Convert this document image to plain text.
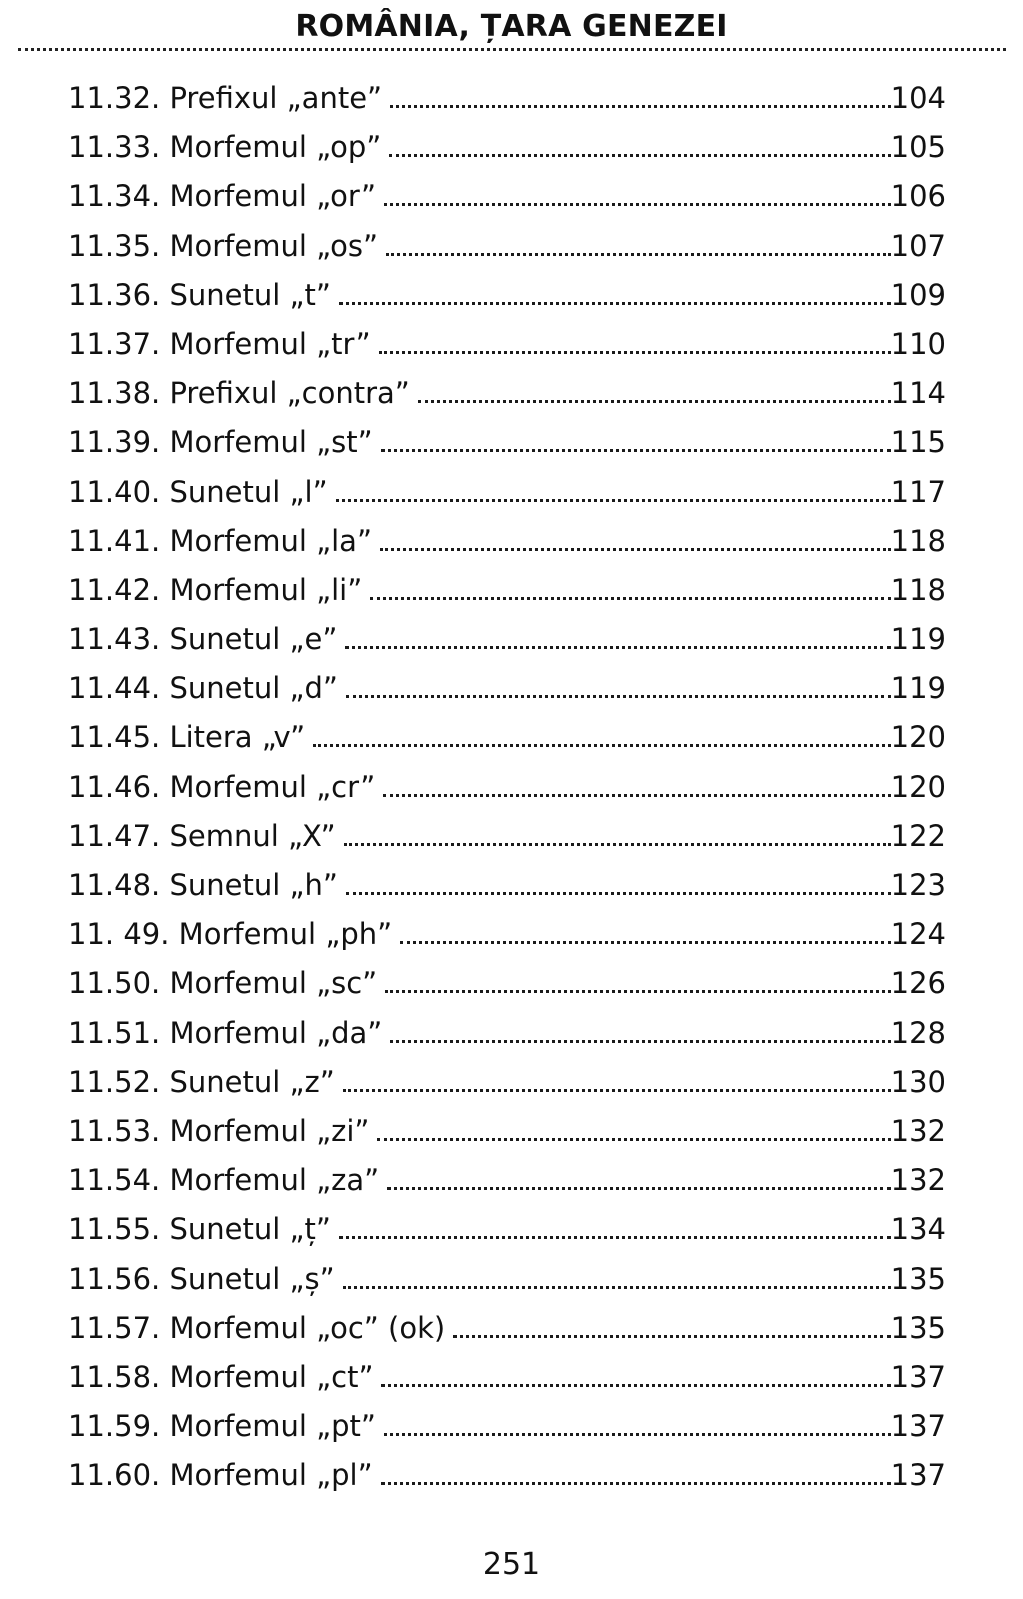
ROMÂNIA, ȚARA GENEZEI
11.32. Prefixul „ante”	104
11.33. Morfemul „op”	105
11.34. Morfemul „or”	106
11.35. Morfemul „os”	107
11.36. Sunetul „t”	109
11.37. Morfemul „tr”	110
11.38. Prefixul „contra”	114
11.39. Morfemul „st”	115
11.40. Sunetul „l”	117
11.41. Morfemul „la”	118
11.42. Morfemul „li”	118
11.43. Sunetul „e”	119
11.44. Sunetul „d”	119
11.45. Litera „v”	120
11.46. Morfemul „cr”	120
11.47. Semnul „X”	122
11.48. Sunetul „h”	123
11. 49. Morfemul „ph”	124
11.50. Morfemul „sc”	126
11.51. Morfemul „da”	128
11.52. Sunetul „z”	130
11.53. Morfemul „zi”	132
11.54. Morfemul „za”	132
11.55. Sunetul „ț”	134
11.56. Sunetul „ș”	135
11.57. Morfemul „oc” (ok)	135
11.58. Morfemul „ct”	137
11.59. Morfemul „pt”	137
11.60. Morfemul „pl”	137
251
